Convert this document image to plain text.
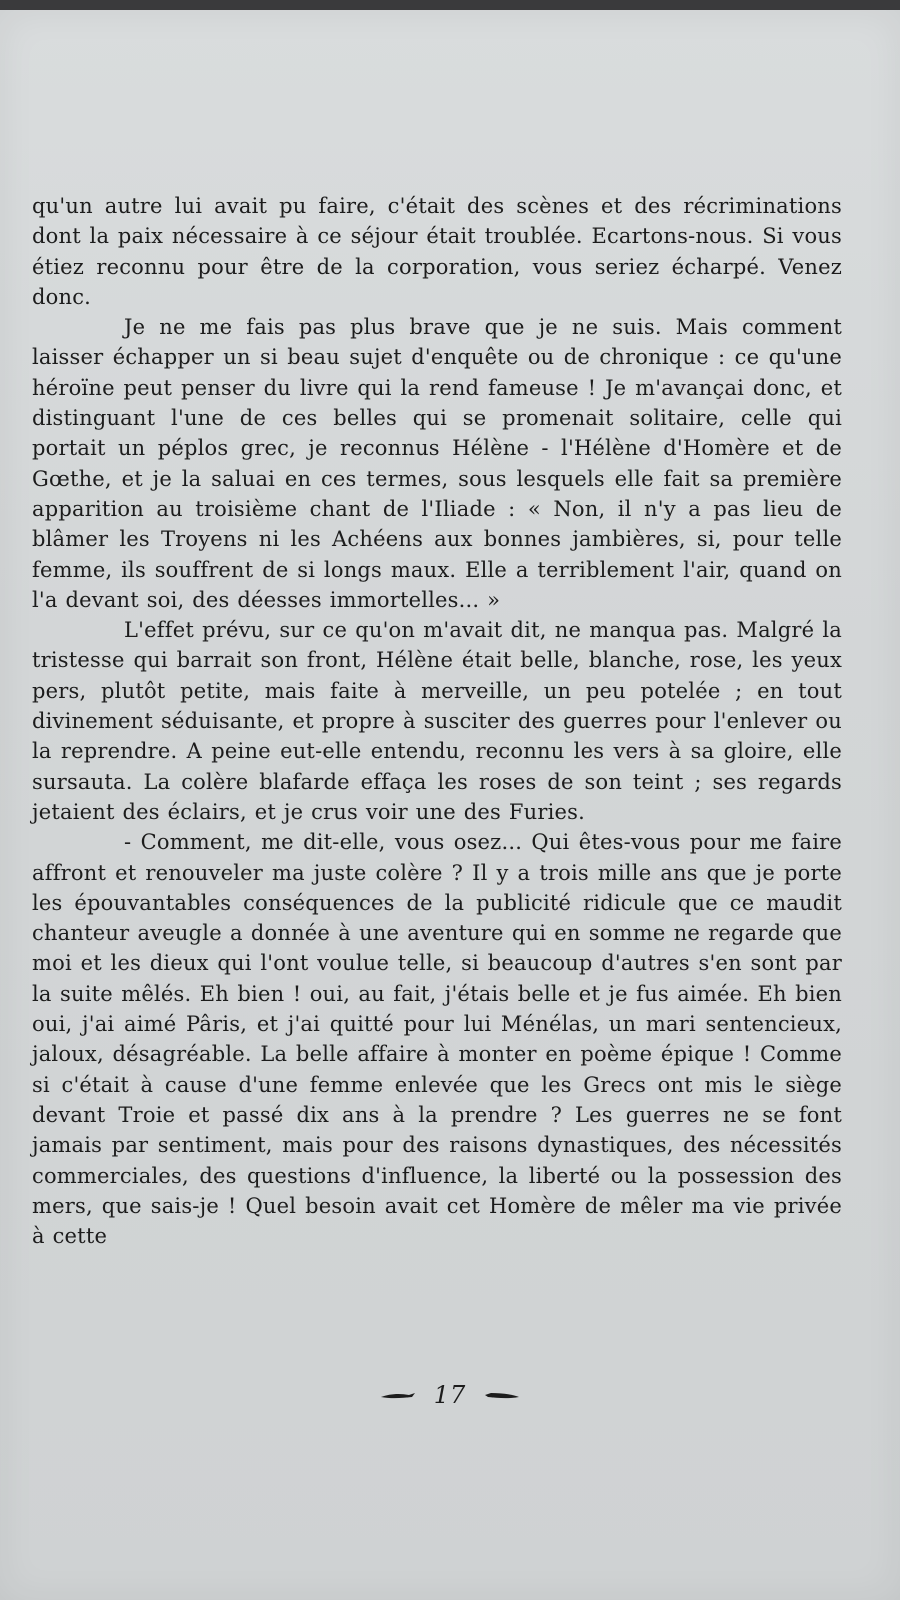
qu'un autre lui avait pu faire, c'était des scènes et des récriminations dont la paix nécessaire à ce séjour était troublée. Ecartons-nous. Si vous étiez reconnu pour être de la corporation, vous seriez écharpé. Venez donc.

Je ne me fais pas plus brave que je ne suis. Mais comment laisser échapper un si beau sujet d'enquête ou de chronique : ce qu'une héroïne peut penser du livre qui la rend fameuse ! Je m'avançai donc, et distinguant l'une de ces belles qui se promenait solitaire, celle qui portait un péplos grec, je reconnus Hélène - l'Hélène d'Homère et de Gœthe, et je la saluai en ces termes, sous lesquels elle fait sa première apparition au troisième chant de l'Iliade : « Non, il n'y a pas lieu de blâmer les Troyens ni les Achéens aux bonnes jambières, si, pour telle femme, ils souffrent de si longs maux. Elle a terriblement l'air, quand on l'a devant soi, des déesses immortelles... »

L'effet prévu, sur ce qu'on m'avait dit, ne manqua pas. Malgré la tristesse qui barrait son front, Hélène était belle, blanche, rose, les yeux pers, plutôt petite, mais faite à merveille, un peu potelée ; en tout divinement séduisante, et propre à susciter des guerres pour l'enlever ou la reprendre. A peine eut-elle entendu, reconnu les vers à sa gloire, elle sursauta. La colère blafarde effaça les roses de son teint ; ses regards jetaient des éclairs, et je crus voir une des Furies.

- Comment, me dit-elle, vous osez... Qui êtes-vous pour me faire affront et renouveler ma juste colère ? Il y a trois mille ans que je porte les épouvantables conséquences de la publicité ridicule que ce maudit chanteur aveugle a donnée à une aventure qui en somme ne regarde que moi et les dieux qui l'ont voulue telle, si beaucoup d'autres s'en sont par la suite mêlés. Eh bien ! oui, au fait, j'étais belle et je fus aimée. Eh bien oui, j'ai aimé Pâris, et j'ai quitté pour lui Ménélas, un mari sentencieux, jaloux, désagréable. La belle affaire à monter en poème épique ! Comme si c'était à cause d'une femme enlevée que les Grecs ont mis le siège devant Troie et passé dix ans à la prendre ? Les guerres ne se font jamais par sentiment, mais pour des raisons dynastiques, des nécessités commerciales, des questions d'influence, la liberté ou la possession des mers, que sais-je ! Quel besoin avait cet Homère de mêler ma vie privée à cette

17
